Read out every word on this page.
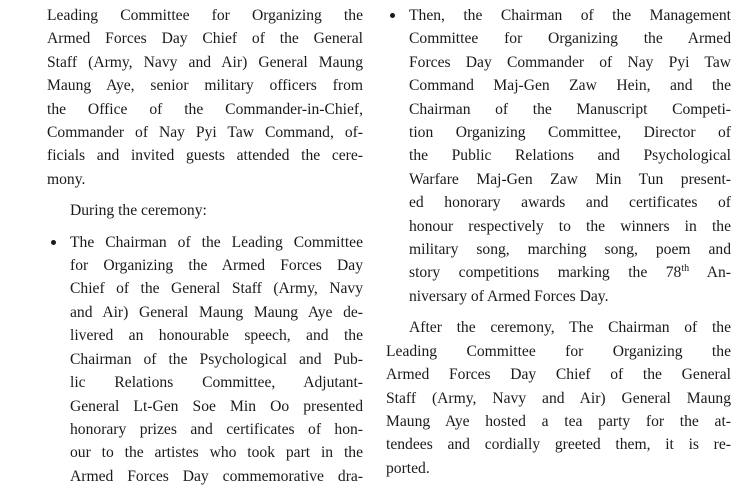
Leading Committee for Organizing the
Armed Forces Day Chief of the General
Staff (Army, Navy and Air) General Maung
Maung Aye, senior military officers from
the Office of the Commander-in-Chief,
Commander of Nay Pyi Taw Command, of-
ficials and invited guests attended the cere-
mony.
During the ceremony:
The Chairman of the Leading Committee
for Organizing the Armed Forces Day
Chief of the General Staff (Army, Navy
and Air) General Maung Maung Aye de-
livered an honourable speech, and the
Chairman of the Psychological and Pub-
lic Relations Committee, Adjutant-
General Lt-Gen Soe Min Oo presented
honorary prizes and certificates of hon-
our to the artistes who took part in the
Armed Forces Day commemorative dra-
Then, the Chairman of the Management
Committee for Organizing the Armed
Forces Day Commander of Nay Pyi Taw
Command Maj-Gen Zaw Hein, and the
Chairman of the Manuscript Competi-
tion Organizing Committee, Director of
the Public Relations and Psychological
Warfare Maj-Gen Zaw Min Tun present-
ed honorary awards and certificates of
honour respectively to the winners in the
military song, marching song, poem and
story competitions marking the 78th An-
niversary of Armed Forces Day.
After the ceremony, The Chairman of the
Leading Committee for Organizing the
Armed Forces Day Chief of the General
Staff (Army, Navy and Air) General Maung
Maung Aye hosted a tea party for the at-
tendees and cordially greeted them, it is re-
ported.
